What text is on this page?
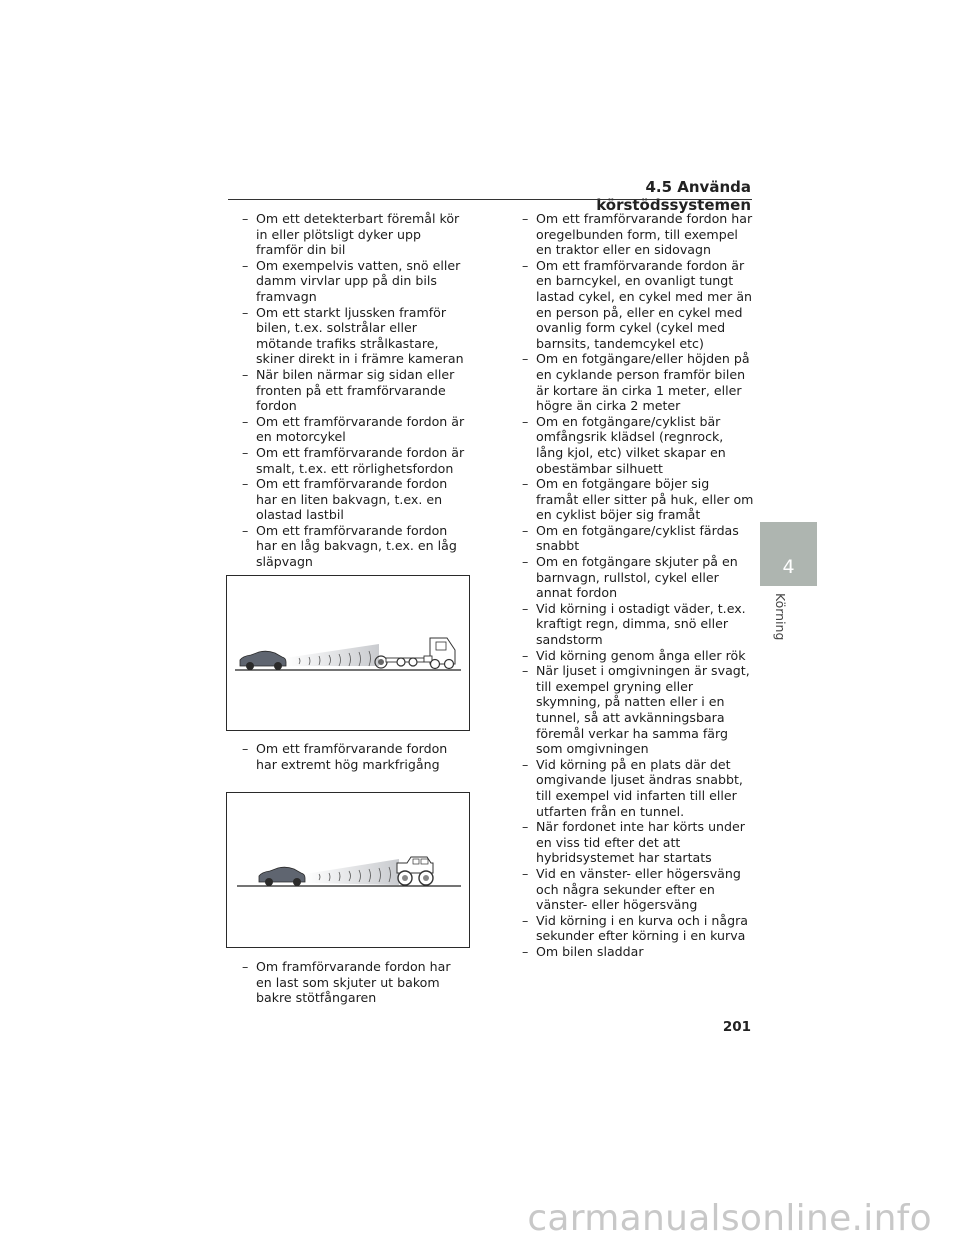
4.5 Använda körstödssystemen
– Om ett detekterbart föremål kör in eller plötsligt dyker upp framför din bil
– Om exempelvis vatten, snö eller damm virvlar upp på din bils framvagn
– Om ett starkt ljussken framför bilen, t.ex. solstrålar eller mötande trafiks strålkastare, skiner direkt in i främre kameran
– När bilen närmar sig sidan eller fronten på ett framförvarande fordon
– Om ett framförvarande fordon är en motorcykel
– Om ett framförvarande fordon är smalt, t.ex. ett rörlighetsfordon
– Om ett framförvarande fordon har en liten bakvagn, t.ex. en olastad lastbil
– Om ett framförvarande fordon har en låg bakvagn, t.ex. en låg släpvagn
– Om ett framförvarande fordon har extremt hög markfrigång
– Om framförvarande fordon har en last som skjuter ut bakom bakre stötfångaren
– Om ett framförvarande fordon har oregelbunden form, till exempel en traktor eller en sidovagn
– Om ett framförvarande fordon är en barncykel, en ovanligt tungt lastad cykel, en cykel med mer än en person på, eller en cykel med ovanlig form cykel (cykel med barnsits, tandemcykel etc)
– Om en fotgängare/eller höjden på en cyklande person framför bilen är kortare än cirka 1 meter, eller högre än cirka 2 meter
– Om en fotgängare/cyklist bär omfångsrik klädsel (regnrock, lång kjol, etc) vilket skapar en obestämbar silhuett
– Om en fotgängare böjer sig framåt eller sitter på huk, eller om en cyklist böjer sig framåt
– Om en fotgängare/cyklist färdas snabbt
– Om en fotgängare skjuter på en barnvagn, rullstol, cykel eller annat fordon
– Vid körning i ostadigt väder, t.ex. kraftigt regn, dimma, snö eller sandstorm
– Vid körning genom ånga eller rök
– När ljuset i omgivningen är svagt, till exempel gryning eller skymning, på natten eller i en tunnel, så att avkänningsbara föremål verkar ha samma färg som omgivningen
– Vid körning på en plats där det omgivande ljuset ändras snabbt, till exempel vid infarten till eller utfarten från en tunnel.
– När fordonet inte har körts under en viss tid efter det att hybridsystemet har startats
– Vid en vänster- eller högersväng och några sekunder efter en vänster- eller högersväng
– Vid körning i en kurva och i några sekunder efter körning i en kurva
– Om bilen sladdar
4
Körning
201
carmanualsonline.info
